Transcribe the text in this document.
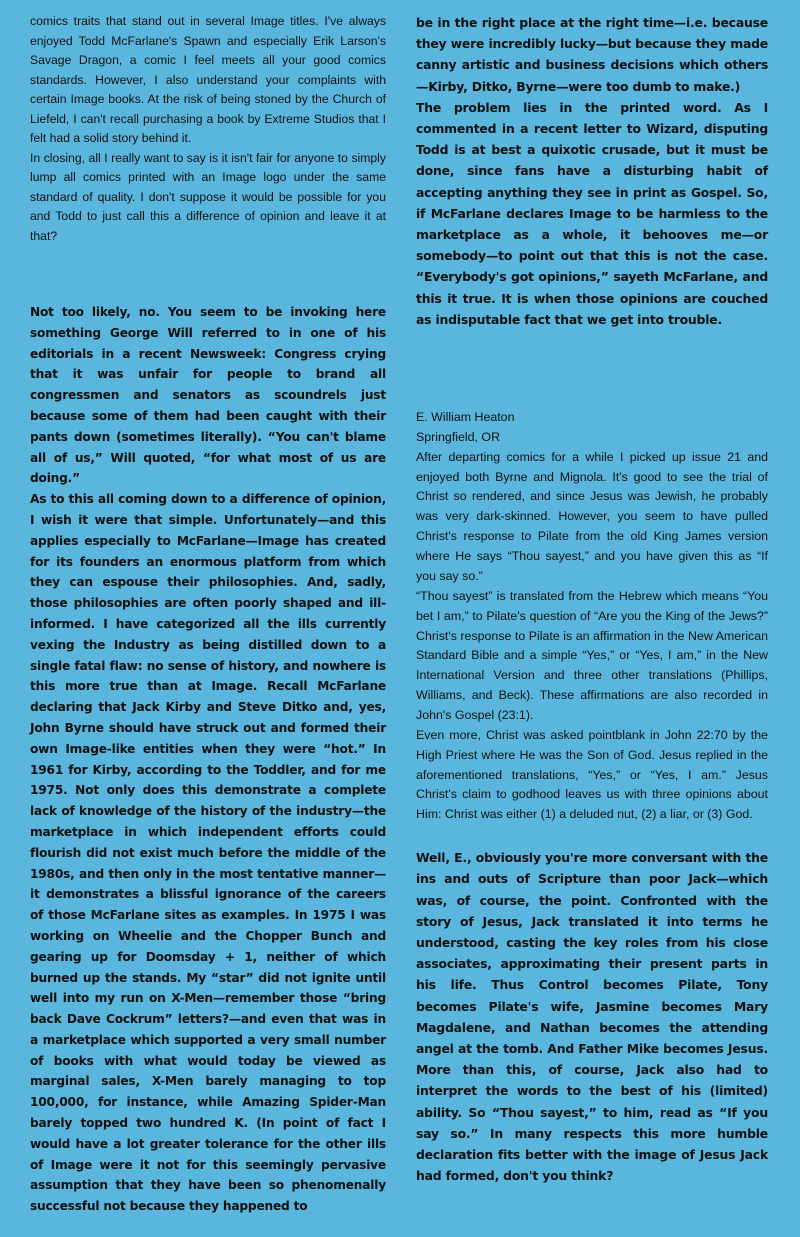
comics traits that stand out in several Image titles. I've always enjoyed Todd McFarlane's Spawn and especially Erik Larson's Savage Dragon, a comic I feel meets all your good comics standards. However, I also understand your complaints with certain Image books. At the risk of being stoned by the Church of Liefeld, I can't recall purchasing a book by Extreme Studios that I felt had a solid story behind it.

In closing, all I really want to say is it isn't fair for anyone to simply lump all comics printed with an Image logo under the same standard of quality. I don't suppose it would be possible for you and Todd to just call this a difference of opinion and leave it at that?

Not too likely, no. You seem to be invoking here something George Will referred to in one of his editorials in a recent Newsweek: Congress crying that it was unfair for people to brand all congressmen and senators as scoundrels just because some of them had been caught with their pants down (sometimes literally). “You can't blame all of us,” Will quoted, “for what most of us are doing.”

As to this all coming down to a difference of opinion, I wish it were that simple. Unfortunately—and this applies especially to McFarlane—Image has created for its founders an enormous platform from which they can espouse their philosophies. And, sadly, those philosophies are often poorly shaped and ill-informed. I have categorized all the ills currently vexing the Industry as being distilled down to a single fatal flaw: no sense of history, and nowhere is this more true than at Image. Recall McFarlane declaring that Jack Kirby and Steve Ditko and, yes, John Byrne should have struck out and formed their own Image-like entities when they were “hot.” In 1961 for Kirby, according to the Toddler, and for me 1975. Not only does this demonstrate a complete lack of knowledge of the history of the industry—the marketplace in which independent efforts could flourish did not exist much before the middle of the 1980s, and then only in the most tentative manner—it demonstrates a blissful ignorance of the careers of those McFarlane sites as examples. In 1975 I was working on Wheelie and the Chopper Bunch and gearing up for Doomsday + 1, neither of which burned up the stands. My “star” did not ignite until well into my run on X-Men—remember those “bring back Dave Cockrum” letters?—and even that was in a marketplace which supported a very small number of books with what would today be viewed as marginal sales, X-Men barely managing to top 100,000, for instance, while Amazing Spider-Man barely topped two hundred K. (In point of fact I would have a lot greater tolerance for the other ills of Image were it not for this seemingly pervasive assumption that they have been so phenomenally successful not because they happened to

be in the right place at the right time—i.e. because they were incredibly lucky—but because they made canny artistic and business decisions which others—Kirby, Ditko, Byrne—were too dumb to make.)

The problem lies in the printed word. As I commented in a recent letter to Wizard, disputing Todd is at best a quixotic crusade, but it must be done, since fans have a disturbing habit of accepting anything they see in print as Gospel. So, if McFarlane declares Image to be harmless to the marketplace as a whole, it behooves me—or somebody—to point out that this is not the case. “Everybody's got opinions,” sayeth McFarlane, and this it true. It is when those opinions are couched as indisputable fact that we get into trouble.

E. William Heaton

Springfield, OR

After departing comics for a while I picked up issue 21 and enjoyed both Byrne and Mignola. It's good to see the trial of Christ so rendered, and since Jesus was Jewish, he probably was very dark-skinned. However, you seem to have pulled Christ's response to Pilate from the old King James version where He says “Thou sayest,” and you have given this as “If you say so.”

“Thou sayest” is translated from the Hebrew which means “You bet I am,” to Pilate's question of “Are you the King of the Jews?” Christ's response to Pilate is an affirmation in the New American Standard Bible and a simple “Yes,” or “Yes, I am,” in the New International Version and three other translations (Phillips, Williams, and Beck). These affirmations are also recorded in John's Gospel (23:1).

Even more, Christ was asked pointblank in John 22:70 by the High Priest where He was the Son of God. Jesus replied in the aforementioned translations, “Yes,” or “Yes, I am.” Jesus Christ's claim to godhood leaves us with three opinions about Him: Christ was either (1) a deluded nut, (2) a liar, or (3) God.

Well, E., obviously you're more conversant with the ins and outs of Scripture than poor Jack—which was, of course, the point. Confronted with the story of Jesus, Jack translated it into terms he understood, casting the key roles from his close associates, approximating their present parts in his life. Thus Control becomes Pilate, Tony becomes Pilate's wife, Jasmine becomes Mary Magdalene, and Nathan becomes the attending angel at the tomb. And Father Mike becomes Jesus. More than this, of course, Jack also had to interpret the words to the best of his (limited) ability. So “Thou sayest,” to him, read as “If you say so.” In many respects this more humble declaration fits better with the image of Jesus Jack had formed, don't you think?
